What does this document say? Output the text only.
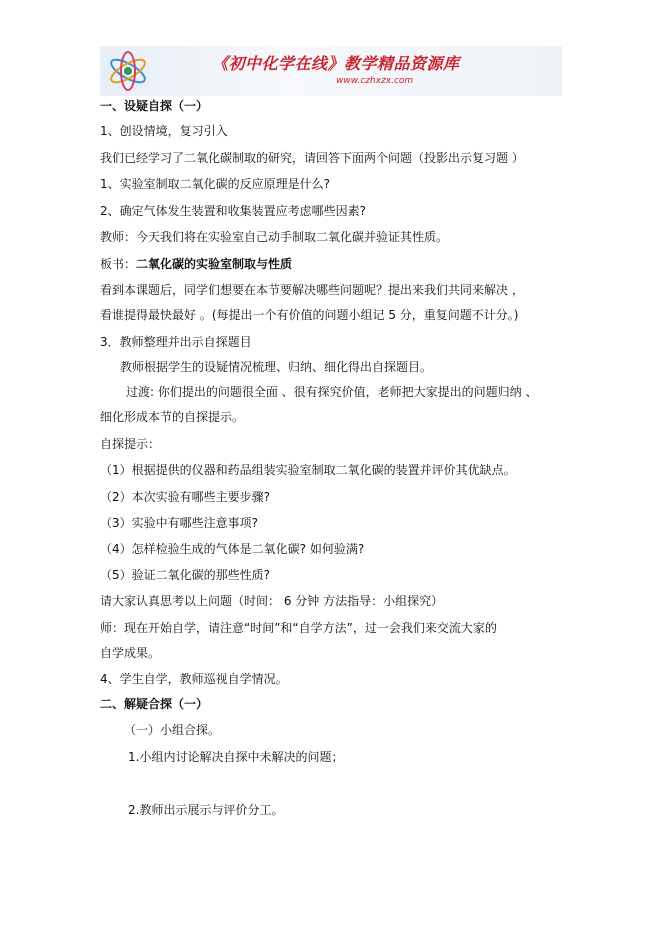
《初中化学在线》教学精品资源库
www.czhxzx.com
一、设疑自探（一）
1、创设情境，复习引入
我们已经学习了二氧化碳制取的研究，请回答下面两个问题（投影出示复习题 ）
1、实验室制取二氧化碳的反应原理是什么?
2、确定气体发生装置和收集装置应考虑哪些因素?
教师：今天我们将在实验室自己动手制取二氧化碳并验证其性质。
板书：二氧化碳的实验室制取与性质
看到本课题后，同学们想要在本节要解决哪些问题呢？提出来我们共同来解决 ，
看谁提得最快最好 。(每提出一个有价值的问题小组记 5 分，重复问题不计分。)
3．教师整理并出示自探题目
教师根据学生的设疑情况梳理、归纳、细化得出自探题目。
过渡: 你们提出的问题很全面 、很有探究价值，老师把大家提出的问题归纳 、
细化形成本节的自探提示。
自探提示：
（1）根据提供的仪器和药品组装实验室制取二氧化碳的装置并评价其优缺点。
（2）本次实验有哪些主要步骤?
（3）实验中有哪些注意事项?
（4）怎样检验生成的气体是二氧化碳? 如何验满?
（5）验证二氧化碳的那些性质?
请大家认真思考以上问题（时间： 6 分钟 方法指导：小组探究）
师：现在开始自学，请注意“时间”和“自学方法”，过一会我们来交流大家的
自学成果。
4、学生自学，教师巡视自学情况。
二、解疑合探（一）
（一）小组合探。
1.小组内讨论解决自探中未解决的问题；
2.教师出示展示与评价分工。
